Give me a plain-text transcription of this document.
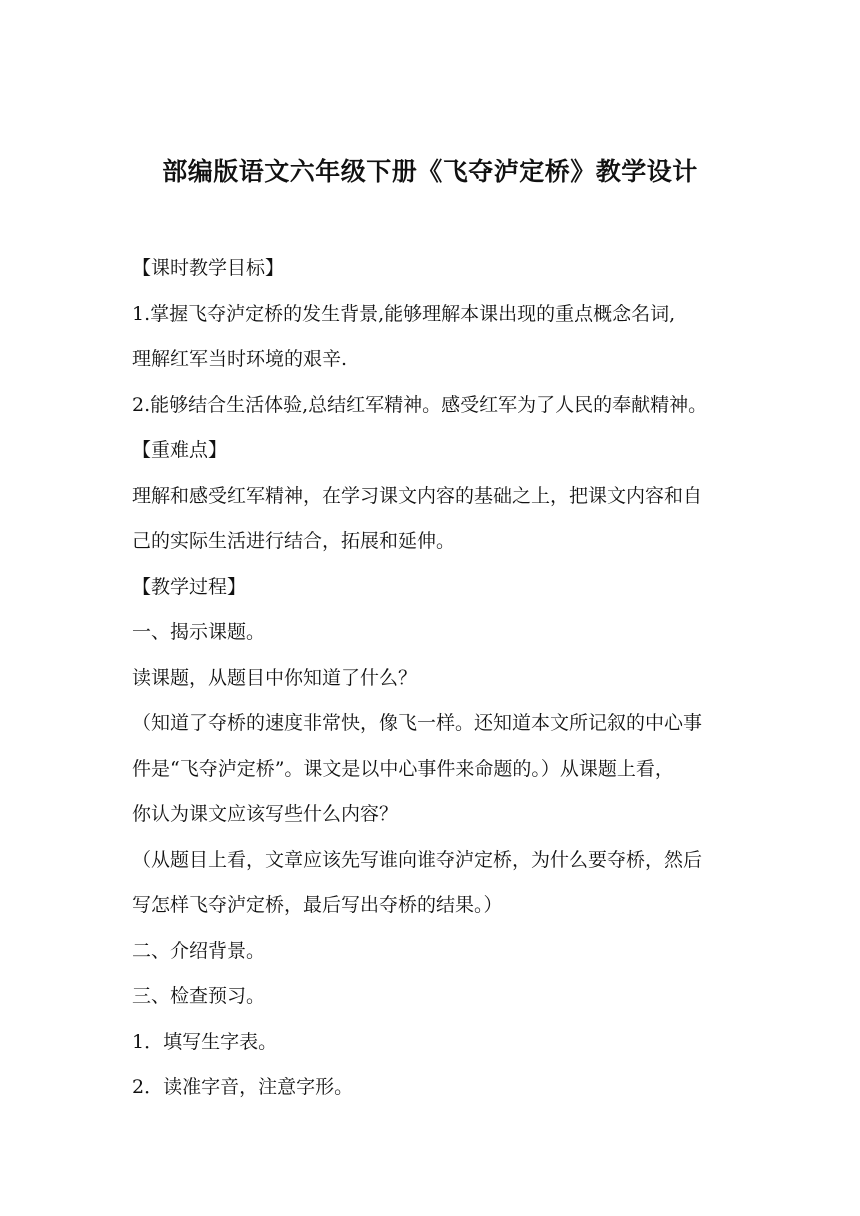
部编版语文六年级下册《飞夺泸定桥》教学设计

【课时教学目标】

1.掌握飞夺泸定桥的发生背景,能够理解本课出现的重点概念名词,

理解红军当时环境的艰辛.

2.能够结合生活体验,总结红军精神。感受红军为了人民的奉献精神。

【重难点】

理解和感受红军精神，在学习课文内容的基础之上，把课文内容和自

己的实际生活进行结合，拓展和延伸。

【教学过程】

一、揭示课题。

读课题，从题目中你知道了什么？

（知道了夺桥的速度非常快，像飞一样。还知道本文所记叙的中心事

件是“飞夺泸定桥”。课文是以中心事件来命题的。）从课题上看，

你认为课文应该写些什么内容？

（从题目上看，文章应该先写谁向谁夺泸定桥，为什么要夺桥，然后

写怎样飞夺泸定桥，最后写出夺桥的结果。）

二、介绍背景。

三、检查预习。

1．填写生字表。

2．读准字音，注意字形。
